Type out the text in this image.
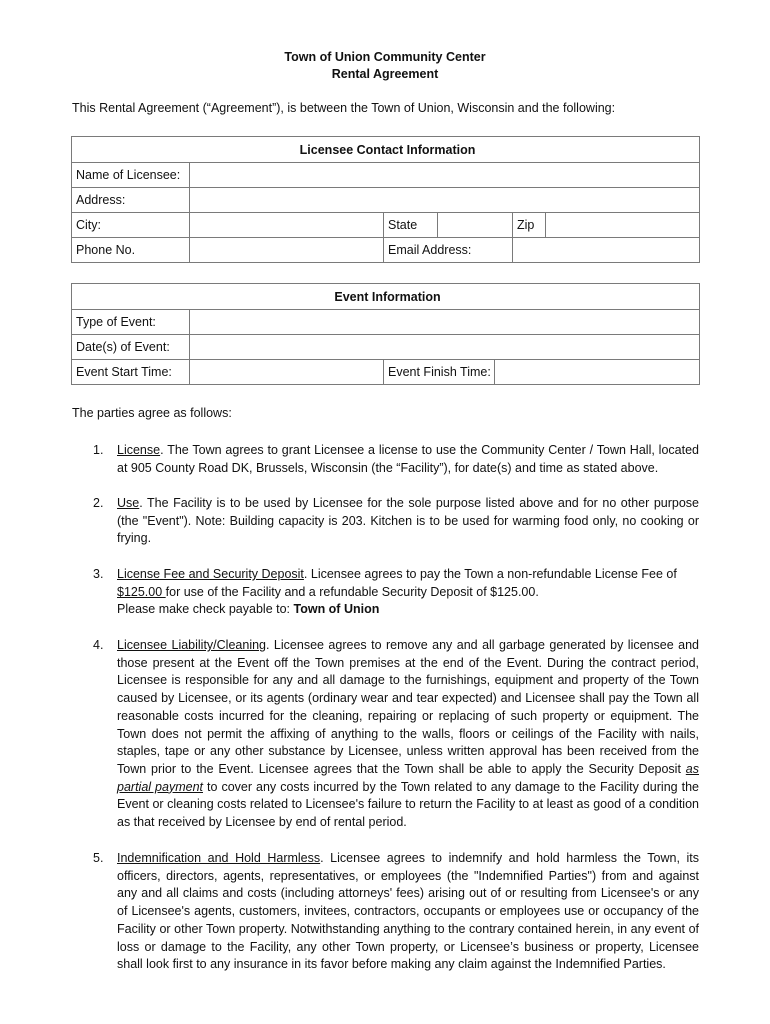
Town of Union Community Center
Rental Agreement
This Rental Agreement (“Agreement”), is between the Town of Union, Wisconsin and the following:
Licensee Contact Information					
Name of Licensee:					
Address:					
City:		State		Zip	
Phone No.		Email Address:			
Event Information			
Type of Event:			
Date(s) of Event:			
Event Start Time:		Event Finish Time:	
The parties agree as follows:
1. License. The Town agrees to grant Licensee a license to use the Community Center / Town Hall, located at 905 County Road DK, Brussels, Wisconsin (the “Facility”), for date(s) and time as stated above.

2. Use. The Facility is to be used by Licensee for the sole purpose listed above and for no other purpose (the "Event"). Note: Building capacity is 203. Kitchen is to be used for warming food only, no cooking or frying.

3. License Fee and Security Deposit. Licensee agrees to pay the Town a non-refundable License Fee of $125.00 for use of the Facility and a refundable Security Deposit of $125.00.

Please make check payable to: Town of Union

4. Licensee Liability/Cleaning. Licensee agrees to remove any and all garbage generated by licensee and those present at the Event off the Town premises at the end of the Event. During the contract period, Licensee is responsible for any and all damage to the furnishings, equipment and property of the Town caused by Licensee, or its agents (ordinary wear and tear expected) and Licensee shall pay the Town all reasonable costs incurred for the cleaning, repairing or replacing of such property or equipment. The Town does not permit the affixing of anything to the walls, floors or ceilings of the Facility with nails, staples, tape or any other substance by Licensee, unless written approval has been received from the Town prior to the Event. Licensee agrees that the Town shall be able to apply the Security Deposit as partial payment to cover any costs incurred by the Town related to any damage to the Facility during the Event or cleaning costs related to Licensee's failure to return the Facility to at least as good of a condition as that received by Licensee by end of rental period.

5. Indemnification and Hold Harmless. Licensee agrees to indemnify and hold harmless the Town, its officers, directors, agents, representatives, or employees (the "Indemnified Parties") from and against any and all claims and costs (including attorneys' fees) arising out of or resulting from Licensee's or any of Licensee's agents, customers, invitees, contractors, occupants or employees use or occupancy of the Facility or other Town property. Notwithstanding anything to the contrary contained herein, in any event of loss or damage to the Facility, any other Town property, or Licensee’s business or property, Licensee shall look first to any insurance in its favor before making any claim against the Indemnified Parties.
